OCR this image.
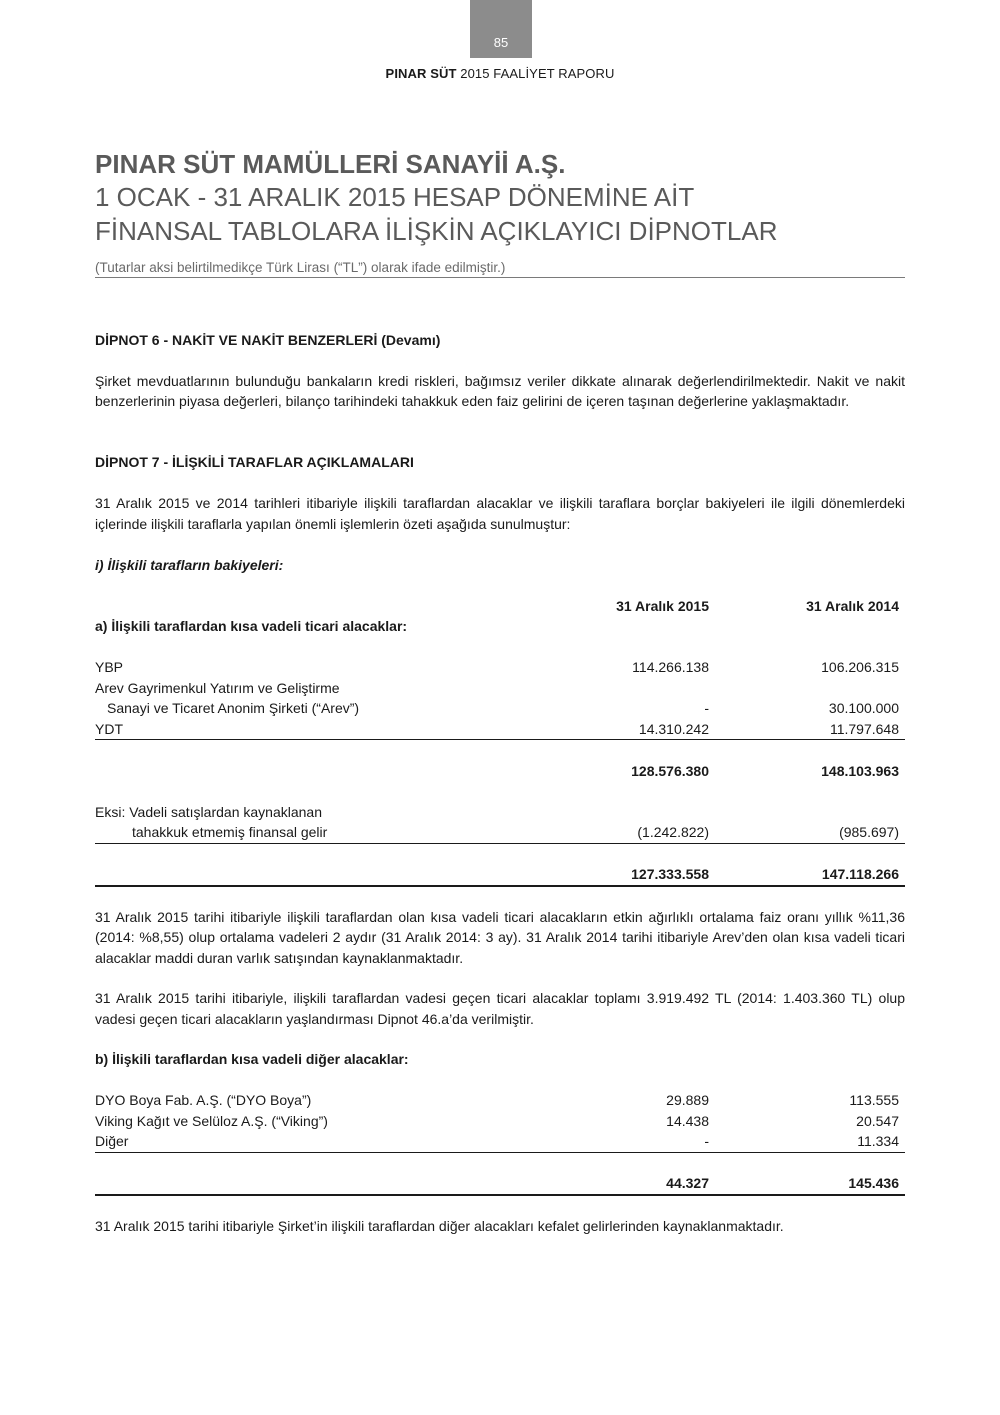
85
PINAR SÜT 2015 FAALİYET RAPORU
PINAR SÜT MAMÜLLERİ SANAYİİ A.Ş.
1 OCAK - 31 ARALIK 2015 HESAP DÖNEMİNE AİT
FİNANSAL TABLOLARA İLİŞKİN AÇIKLAYICI DİPNOTLAR
(Tutarlar aksi belirtilmedikçe Türk Lirası (“TL”) olarak ifade edilmiştir.)
DİPNOT 6 - NAKİT VE NAKİT BENZERLERİ (Devamı)

Şirket mevduatlarının bulunduğu bankaların kredi riskleri, bağımsız veriler dikkate alınarak değerlendirilmektedir. Nakit ve nakit benzerlerinin piyasa değerleri, bilanço tarihindeki tahakkuk eden faiz gelirini de içeren taşınan değerlerine yaklaşmaktadır.

DİPNOT 7 - İLİŞKİLİ TARAFLAR AÇIKLAMALARI

31 Aralık 2015 ve 2014 tarihleri itibariyle ilişkili taraflardan alacaklar ve ilişkili taraflara borçlar bakiyeleri ile ilgili dönemlerdeki içlerinde ilişkili taraflarla yapılan önemli işlemlerin özeti aşağıda sunulmuştur:

i) İlişkili tarafların bakiyeleri:
	31 Aralık 2015	31 Aralık 2014
a) İlişkili taraflardan kısa vadeli ticari alacaklar:		

YBP	114.266.138	106.206.315
Arev Gayrimenkul Yatırım ve Geliştirme		
Sanayi ve Ticaret Anonim Şirketi (“Arev”)	-	30.100.000
YDT	14.310.242	11.797.648

	128.576.380	148.103.963

Eksi: Vadeli satışlardan kaynaklanan		
tahakkuk etmemiş finansal gelir	(1.242.822)	(985.697)

	127.333.558	147.118.266

31 Aralık 2015 tarihi itibariyle ilişkili taraflardan olan kısa vadeli ticari alacakların etkin ağırlıklı ortalama faiz oranı yıllık %11,36 (2014: %8,55) olup ortalama vadeleri 2 aydır (31 Aralık 2014: 3 ay). 31 Aralık 2014 tarihi itibariyle Arev’den olan kısa vadeli ticari alacaklar maddi duran varlık satışından kaynaklanmaktadır.

31 Aralık 2015 tarihi itibariyle, ilişkili taraflardan vadesi geçen ticari alacaklar toplamı 3.919.492 TL (2014: 1.403.360 TL) olup vadesi geçen ticari alacakların yaşlandırması Dipnot 46.a’da verilmiştir.

b) İlişkili taraflardan kısa vadeli diğer alacaklar:		

DYO Boya Fab. A.Ş. (“DYO Boya”)	29.889	113.555
Viking Kağıt ve Selüloz A.Ş. (“Viking”)	14.438	20.547
Diğer	-	11.334

	44.327	145.436

31 Aralık 2015 tarihi itibariyle Şirket’in ilişkili taraflardan diğer alacakları kefalet gelirlerinden kaynaklanmaktadır.
